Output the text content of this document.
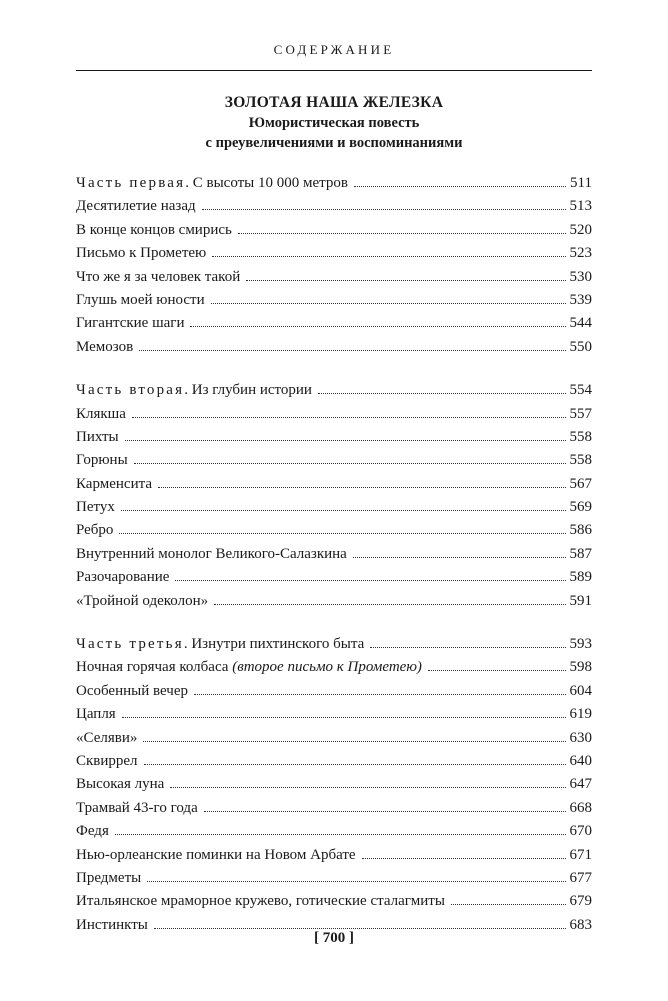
СОДЕРЖАНИЕ
ЗОЛОТАЯ НАША ЖЕЛЕЗКА
Юмористическая повесть
с преувеличениями и воспоминаниями
Часть первая. С высоты 10 000 метров	511
Десятилетие назад	513
В конце концов смирись	520
Письмо к Прометею	523
Что же я за человек такой	530
Глушь моей юности	539
Гигантские шаги	544
Мемозов	550
Часть вторая. Из глубин истории	554
Клякша	557
Пихты	558
Горюны	558
Карменсита	567
Петух	569
Ребро	586
Внутренний монолог Великого-Салазкина	587
Разочарование	589
«Тройной одеколон»	591
Часть третья. Изнутри пихтинского быта	593
Ночная горячая колбаса (второе письмо к Прометею)	598
Особенный вечер	604
Цапля	619
«Селяви»	630
Сквиррел	640
Высокая луна	647
Трамвай 43-го года	668
Федя	670
Нью-орлеанские поминки на Новом Арбате	671
Предметы	677
Итальянское мраморное кружево, готические сталагмиты	679
Инстинкты	683
[ 700 ]
